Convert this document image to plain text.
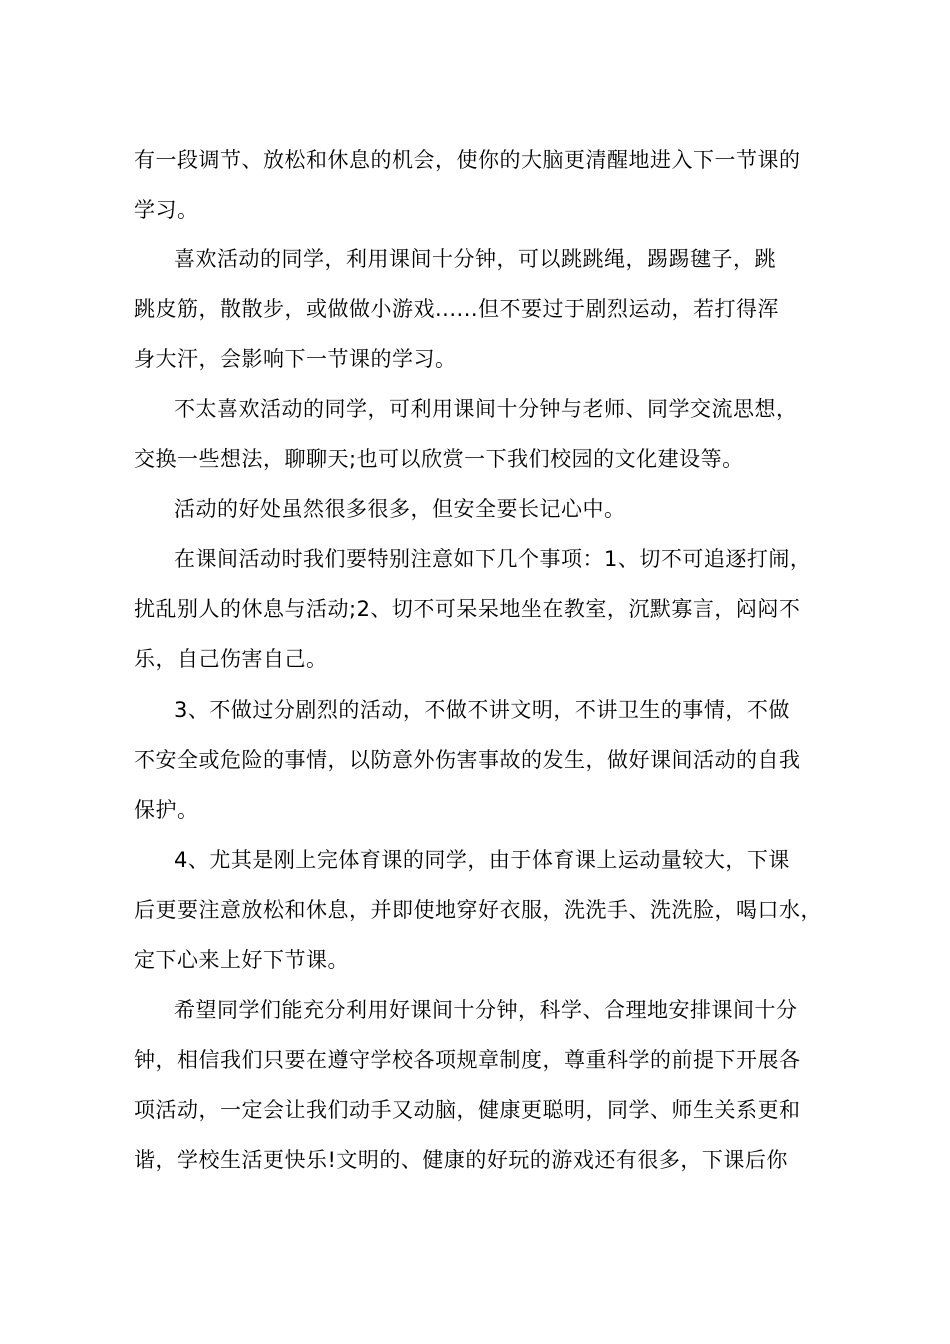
有一段调节、放松和休息的机会，使你的大脑更清醒地进入下一节课的
学习。
喜欢活动的同学，利用课间十分钟，可以跳跳绳，踢踢毽子，跳
跳皮筋，散散步，或做做小游戏......但不要过于剧烈运动，若打得浑
身大汗，会影响下一节课的学习。
不太喜欢活动的同学，可利用课间十分钟与老师、同学交流思想，
交换一些想法，聊聊天;也可以欣赏一下我们校园的文化建设等。
活动的好处虽然很多很多，但安全要长记心中。
在课间活动时我们要特别注意如下几个事项：1、切不可追逐打闹，
扰乱别人的休息与活动;2、切不可呆呆地坐在教室，沉默寡言，闷闷不
乐，自己伤害自己。
3、不做过分剧烈的活动，不做不讲文明，不讲卫生的事情，不做
不安全或危险的事情，以防意外伤害事故的发生，做好课间活动的自我
保护。
4、尤其是刚上完体育课的同学，由于体育课上运动量较大，下课
后更要注意放松和休息，并即使地穿好衣服，洗洗手、洗洗脸，喝口水，
定下心来上好下节课。
希望同学们能充分利用好课间十分钟，科学、合理地安排课间十分
钟，相信我们只要在遵守学校各项规章制度，尊重科学的前提下开展各
项活动，一定会让我们动手又动脑，健康更聪明，同学、师生关系更和
谐，学校生活更快乐!文明的、健康的好玩的游戏还有很多，下课后你
